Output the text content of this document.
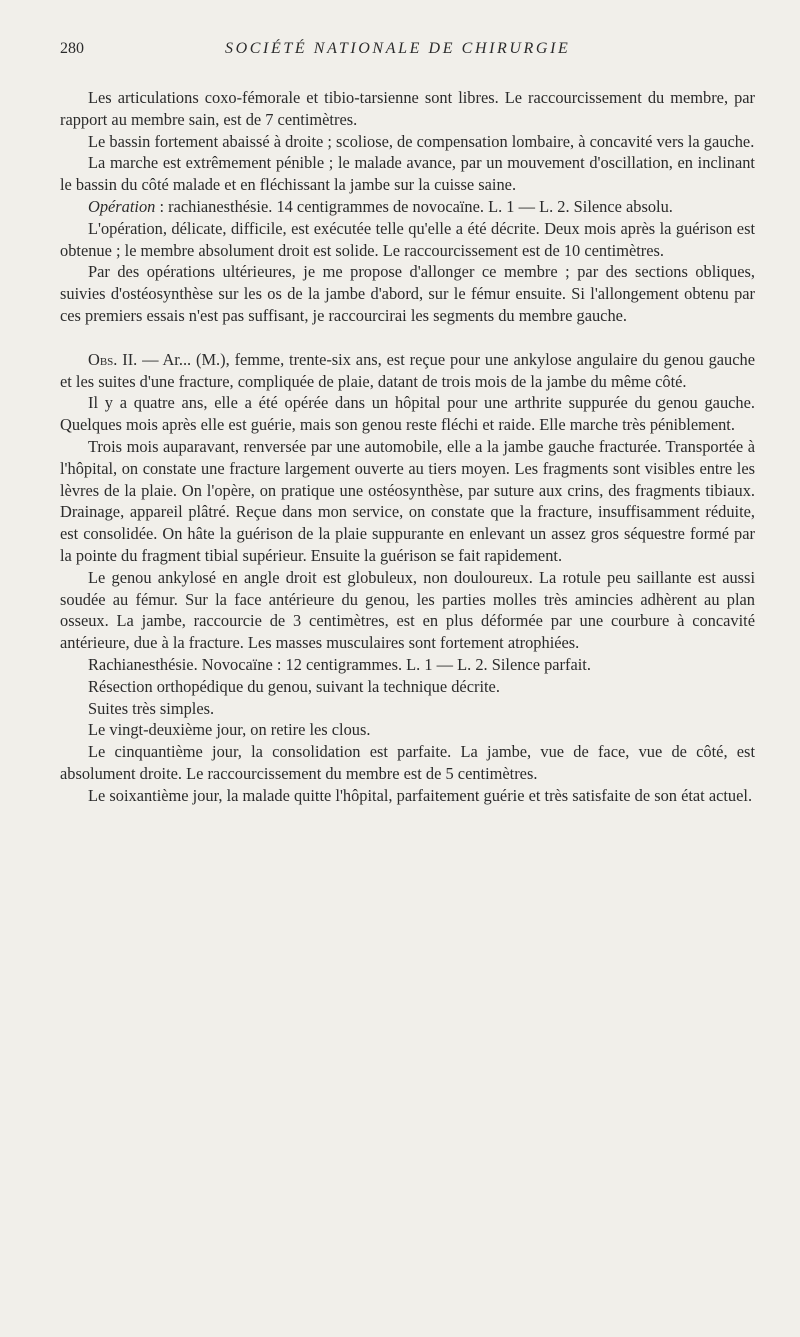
280	SOCIÉTÉ NATIONALE DE CHIRURGIE

Les articulations coxo-fémorale et tibio-tarsienne sont libres. Le raccourcissement du membre, par rapport au membre sain, est de 7 centimètres.

Le bassin fortement abaissé à droite ; scoliose, de compensation lombaire, à concavité vers la gauche.

La marche est extrêmement pénible ; le malade avance, par un mouvement d'oscillation, en inclinant le bassin du côté malade et en fléchissant la jambe sur la cuisse saine.

Opération : rachianesthésie. 14 centigrammes de novocaïne. L. 1 — L. 2. Silence absolu.

L'opération, délicate, difficile, est exécutée telle qu'elle a été décrite. Deux mois après la guérison est obtenue ; le membre absolument droit est solide. Le raccourcissement est de 10 centimètres.

Par des opérations ultérieures, je me propose d'allonger ce membre ; par des sections obliques, suivies d'ostéosynthèse sur les os de la jambe d'abord, sur le fémur ensuite. Si l'allongement obtenu par ces premiers essais n'est pas suffisant, je raccourcirai les segments du membre gauche.

Obs. II. — Ar... (M.), femme, trente-six ans, est reçue pour une ankylose angulaire du genou gauche et les suites d'une fracture, compliquée de plaie, datant de trois mois de la jambe du même côté.

Il y a quatre ans, elle a été opérée dans un hôpital pour une arthrite suppurée du genou gauche. Quelques mois après elle est guérie, mais son genou reste fléchi et raide. Elle marche très péniblement.

Trois mois auparavant, renversée par une automobile, elle a la jambe gauche fracturée. Transportée à l'hôpital, on constate une fracture largement ouverte au tiers moyen. Les fragments sont visibles entre les lèvres de la plaie. On l'opère, on pratique une ostéosynthèse, par suture aux crins, des fragments tibiaux. Drainage, appareil plâtré. Reçue dans mon service, on constate que la fracture, insuffisamment réduite, est consolidée. On hâte la guérison de la plaie suppurante en enlevant un assez gros séquestre formé par la pointe du fragment tibial supérieur. Ensuite la guérison se fait rapidement.

Le genou ankylosé en angle droit est globuleux, non douloureux. La rotule peu saillante est aussi soudée au fémur. Sur la face antérieure du genou, les parties molles très amincies adhèrent au plan osseux. La jambe, raccourcie de 3 centimètres, est en plus déformée par une courbure à concavité antérieure, due à la fracture. Les masses musculaires sont fortement atrophiées.

Rachianesthésie. Novocaïne : 12 centigrammes. L. 1 — L. 2. Silence parfait.

Résection orthopédique du genou, suivant la technique décrite.

Suites très simples.

Le vingt-deuxième jour, on retire les clous.

Le cinquantième jour, la consolidation est parfaite. La jambe, vue de face, vue de côté, est absolument droite. Le raccourcissement du membre est de 5 centimètres.

Le soixantième jour, la malade quitte l'hôpital, parfaitement guérie et très satisfaite de son état actuel.
